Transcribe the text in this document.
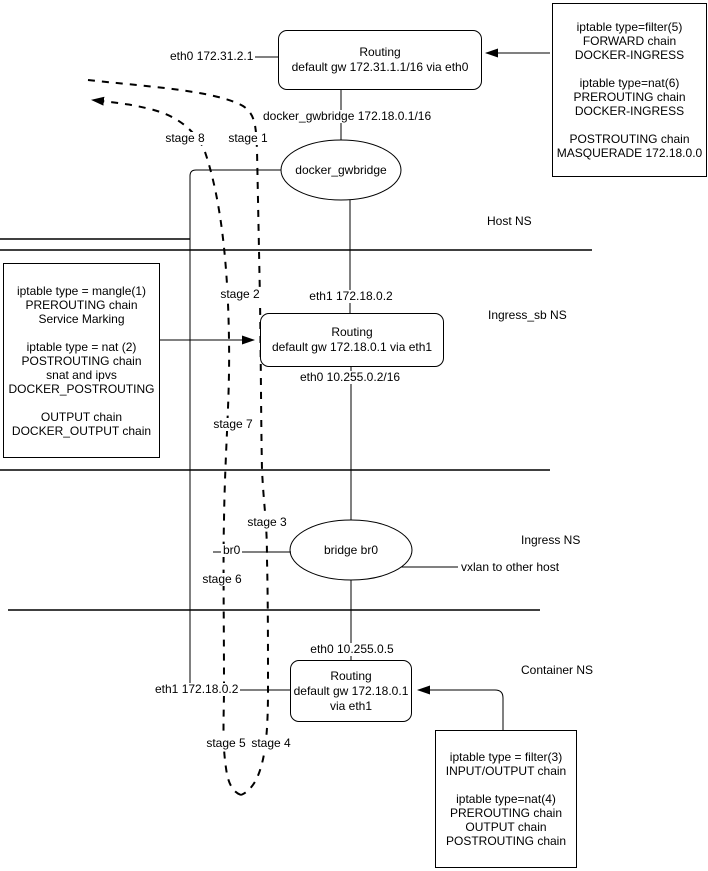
Routing
default gw 172.31.1.1/16 via eth0
Routing
default gw 172.18.0.1 via eth1
Routing
default gw 172.18.0.1
via eth1
docker_gwbridge
bridge br0
iptable type=filter(5)
FORWARD chain
DOCKER-INGRESS
iptable type=nat(6)
PREROUTING chain
DOCKER-INGRESS
POSTROUTING chain
MASQUERADE 172.18.0.0
iptable type = mangle(1)
PREROUTING chain
Service Marking
iptable type = nat (2)
POSTROUTING chain
snat and ipvs
DOCKER_POSTROUTING
OUTPUT chain
DOCKER_OUTPUT chain
iptable type = filter(3)
INPUT/OUTPUT chain
iptable type=nat(4)
PREROUTING chain
OUTPUT chain
POSTROUTING chain
Host NS
Ingress_sb NS
Ingress NS
Container NS
eth0 172.31.2.1
docker_gwbridge 172.18.0.1/16
eth1 172.18.0.2
eth0 10.255.0.2/16
br0
vxlan to other host
eth0 10.255.0.5
eth1 172.18.0.2
stage 1
stage 2
stage 3
stage 4
stage 5
stage 6
stage 7
stage 8
